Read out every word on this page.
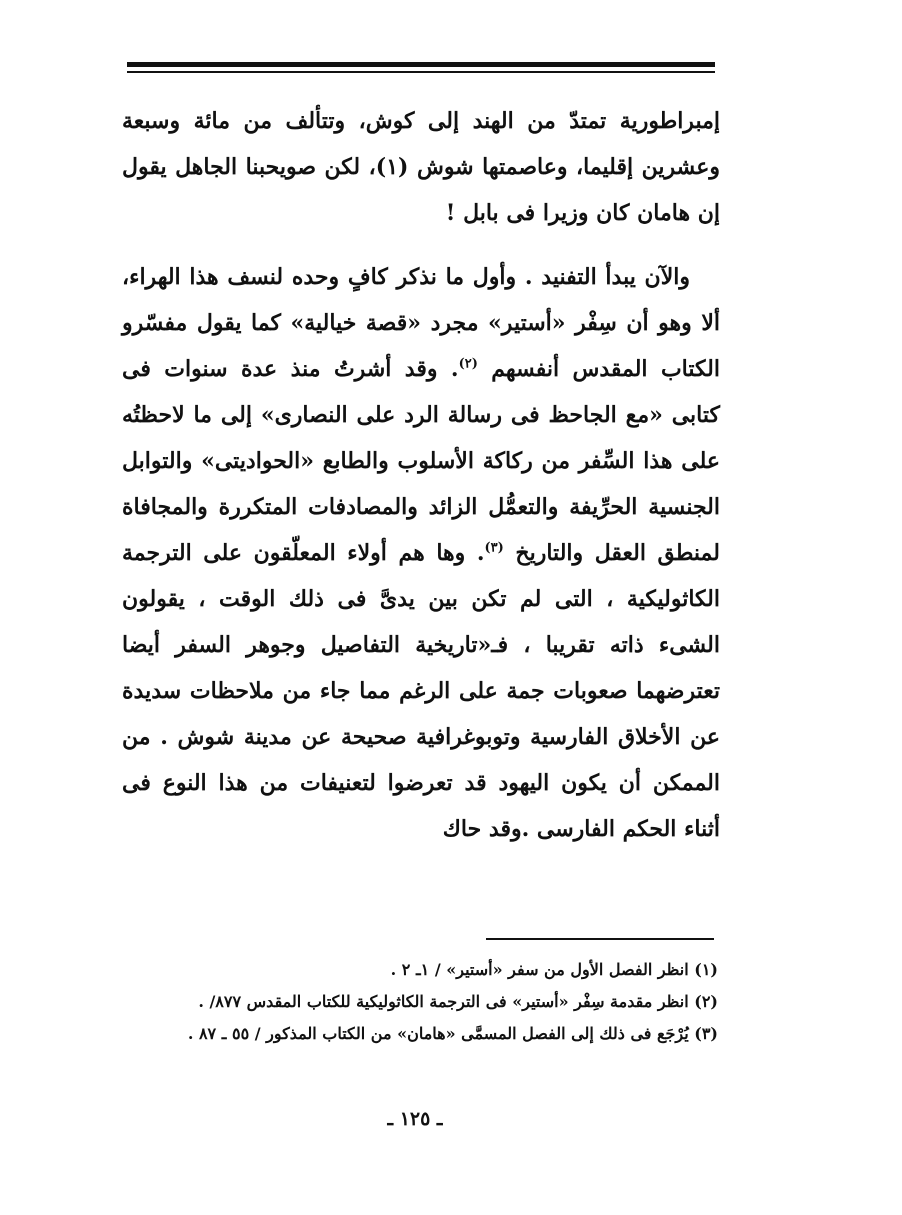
إمبراطورية تمتدّ من الهند إلى كوش، وتتألف من مائة وسبعة وعشرين إقليما، وعاصمتها شوش (١)، لكن صويحبنا الجاهل يقول إن هامان كان وزيرا فى بابل !

والآن يبدأ التفنيد . وأول ما نذكر كافٍ وحده لنسف هذا الهراء، ألا وهو أن سِفْر «أستير» مجرد «قصة خيالية» كما يقول مفسّرو الكتاب المقدس أنفسهم $^{(٢)}$. وقد أشرتُ منذ عدة سنوات فى كتابى «مع الجاحظ فى رسالة الرد على النصارى» إلى ما لاحظتُه على هذا السِّفر من ركاكة الأسلوب والطابع «الحواديتى» والتوابل الجنسية الحرِّيفة والتعمُّل الزائد والمصادفات المتكررة والمجافاة لمنطق العقل والتاريخ $^{(٣)}$. وها هم أولاء المعلّقون على الترجمة الكاثوليكية ، التى لم تكن بين يدىَّ فى ذلك الوقت ، يقولون الشىء ذاته تقريبا ، فـ«تاريخية التفاصيل وجوهر السفر أيضا تعترضهما صعوبات جمة على الرغم مما جاء من ملاحظات سديدة عن الأخلاق الفارسية وتوبوغرافية صحيحة عن مدينة شوش . من الممكن أن يكون اليهود قد تعرضوا لتعنيفات من هذا النوع فى أثناء الحكم الفارسى .وقد حاك

(١) انظر الفصل الأول من سفر «أستير» / ١ـ ٢ .

(٢) انظر مقدمة سِفْر «أستير» فى الترجمة الكاثوليكية للكتاب المقدس ٨٧٧/ .

(٣) يُرْجَع فى ذلك إلى الفصل المسمَّى «هامان» من الكتاب المذكور / ٥٥ ـ ٨٧ .

ـ ١٢٥ ـ
